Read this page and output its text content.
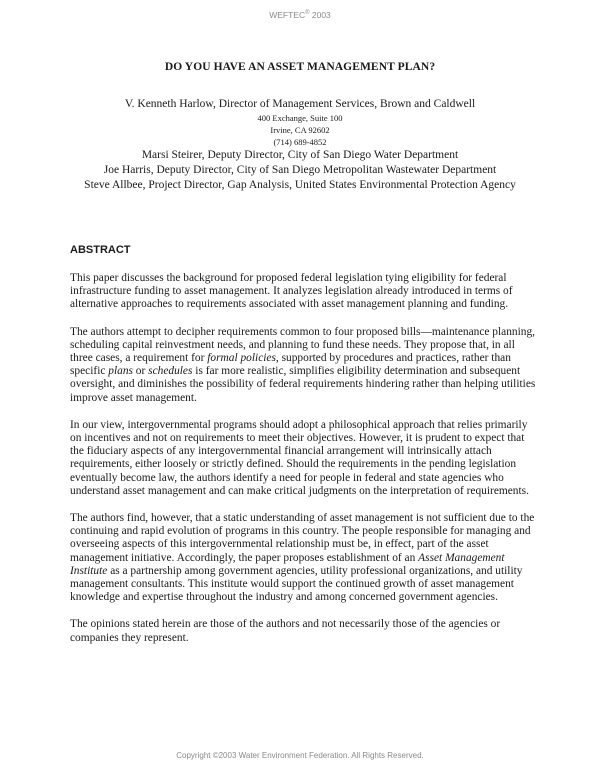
WEFTEC® 2003
DO YOU HAVE AN ASSET MANAGEMENT PLAN?
V. Kenneth Harlow, Director of Management Services, Brown and Caldwell
400 Exchange, Suite 100
Irvine, CA 92602
(714) 689-4852
Marsi Steirer, Deputy Director, City of San Diego Water Department
Joe Harris, Deputy Director, City of San Diego Metropolitan Wastewater Department
Steve Allbee, Project Director, Gap Analysis, United States Environmental Protection Agency
ABSTRACT

This paper discusses the background for proposed federal legislation tying eligibility for federal infrastructure funding to asset management. It analyzes legislation already introduced in terms of alternative approaches to requirements associated with asset management planning and funding.

The authors attempt to decipher requirements common to four proposed bills—maintenance planning, scheduling capital reinvestment needs, and planning to fund these needs. They propose that, in all three cases, a requirement for formal policies, supported by procedures and practices, rather than specific plans or schedules is far more realistic, simplifies eligibility determination and subsequent oversight, and diminishes the possibility of federal requirements hindering rather than helping utilities improve asset management.

In our view, intergovernmental programs should adopt a philosophical approach that relies primarily on incentives and not on requirements to meet their objectives. However, it is prudent to expect that the fiduciary aspects of any intergovernmental financial arrangement will intrinsically attach requirements, either loosely or strictly defined. Should the requirements in the pending legislation eventually become law, the authors identify a need for people in federal and state agencies who understand asset management and can make critical judgments on the interpretation of requirements.

The authors find, however, that a static understanding of asset management is not sufficient due to the continuing and rapid evolution of programs in this country. The people responsible for managing and overseeing aspects of this intergovernmental relationship must be, in effect, part of the asset management initiative. Accordingly, the paper proposes establishment of an Asset Management Institute as a partnership among government agencies, utility professional organizations, and utility management consultants. This institute would support the continued growth of asset management knowledge and expertise throughout the industry and among concerned government agencies.

The opinions stated herein are those of the authors and not necessarily those of the agencies or companies they represent.

Copyright ©2003 Water Environment Federation. All Rights Reserved.
